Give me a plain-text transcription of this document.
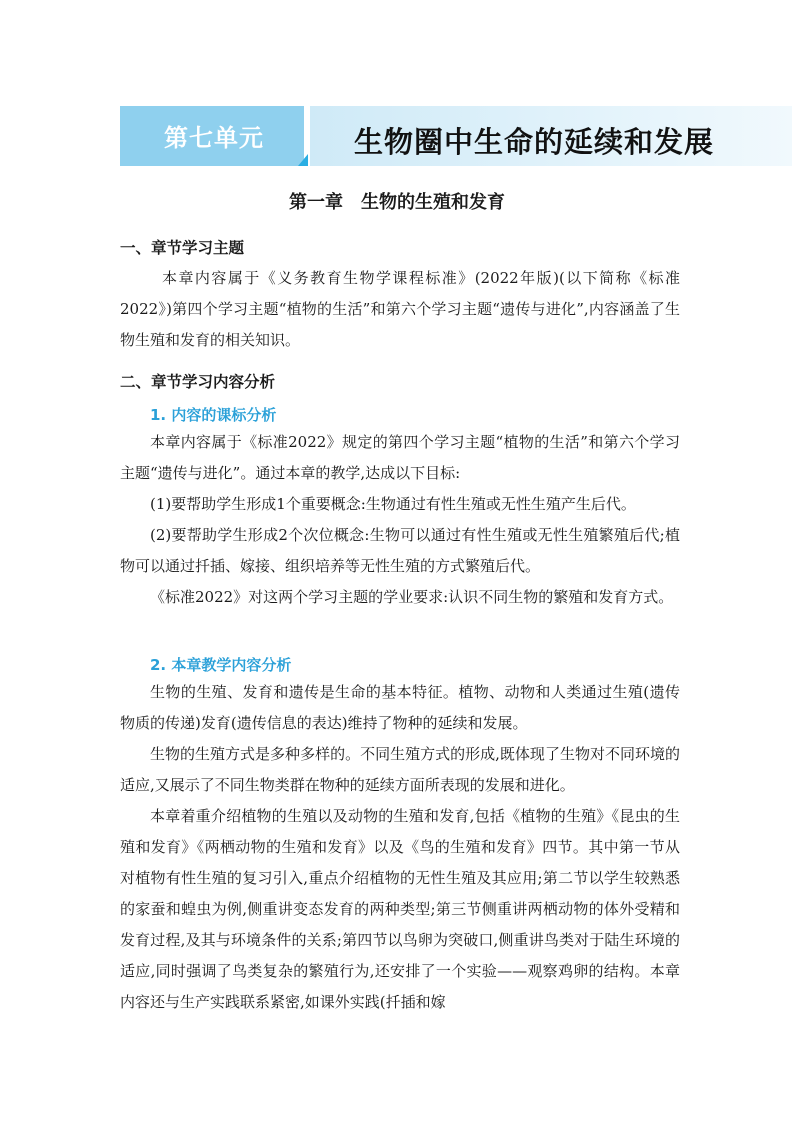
第七单元	生物圈中生命的延续和发展
第一章　生物的生殖和发育
一、章节学习主题
本章内容属于《义务教育生物学课程标准》(2022年版)(以下简称《标准2022》)第四个学习主题“植物的生活”和第六个学习主题“遗传与进化”,内容涵盖了生物生殖和发育的相关知识。
二、章节学习内容分析
1. 内容的课标分析
本章内容属于《标准2022》规定的第四个学习主题“植物的生活”和第六个学习主题“遗传与进化”。通过本章的教学,达成以下目标:
(1)要帮助学生形成1个重要概念:生物通过有性生殖或无性生殖产生后代。
(2)要帮助学生形成2个次位概念:生物可以通过有性生殖或无性生殖繁殖后代;植物可以通过扦插、嫁接、组织培养等无性生殖的方式繁殖后代。
《标准2022》对这两个学习主题的学业要求:认识不同生物的繁殖和发育方式。
2. 本章教学内容分析
生物的生殖、发育和遗传是生命的基本特征。植物、动物和人类通过生殖(遗传物质的传递)发育(遗传信息的表达)维持了物种的延续和发展。
生物的生殖方式是多种多样的。不同生殖方式的形成,既体现了生物对不同环境的适应,又展示了不同生物类群在物种的延续方面所表现的发展和进化。
本章着重介绍植物的生殖以及动物的生殖和发育,包括《植物的生殖》《昆虫的生殖和发育》《两栖动物的生殖和发育》以及《鸟的生殖和发育》四节。其中第一节从对植物有性生殖的复习引入,重点介绍植物的无性生殖及其应用;第二节以学生较熟悉的家蚕和蝗虫为例,侧重讲变态发育的两种类型;第三节侧重讲两栖动物的体外受精和发育过程,及其与环境条件的关系;第四节以鸟卵为突破口,侧重讲鸟类对于陆生环境的适应,同时强调了鸟类复杂的繁殖行为,还安排了一个实验——观察鸡卵的结构。本章内容还与生产实践联系紧密,如课外实践(扦插和嫁
